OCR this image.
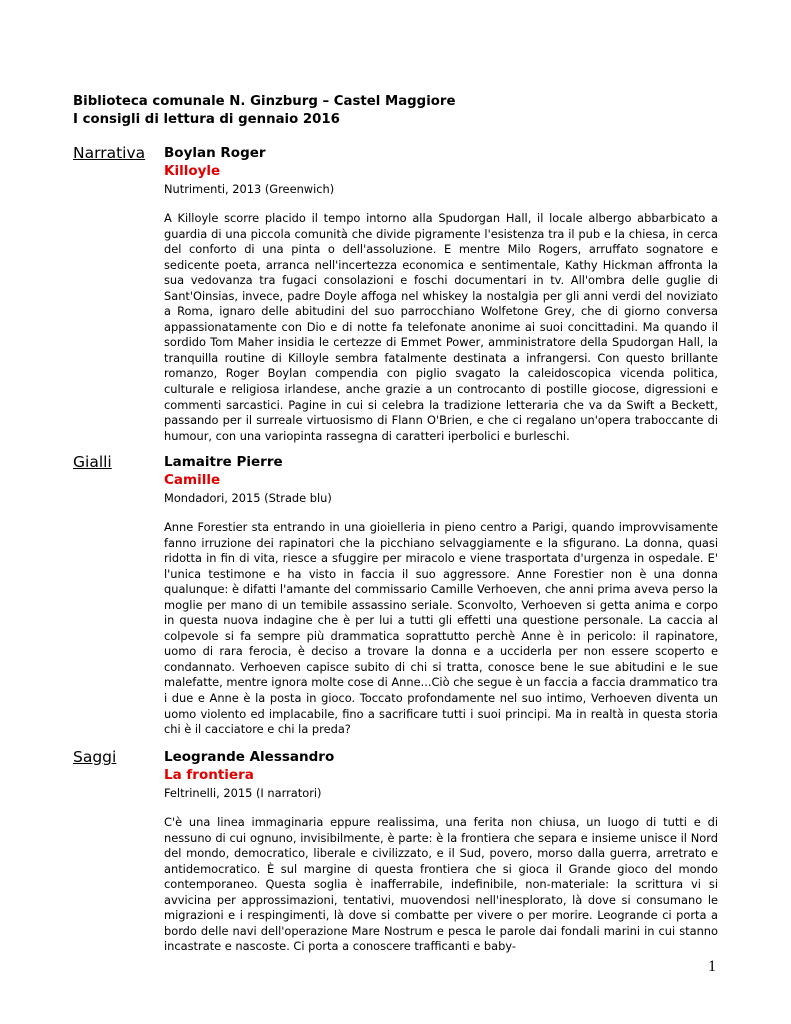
Biblioteca comunale N. Ginzburg – Castel Maggiore
I consigli di lettura di gennaio 2016
Narrativa Boylan Roger
Killoyle
Nutrimenti, 2013 (Greenwich)

A Killoyle scorre placido il tempo intorno alla Spudorgan Hall, il locale albergo abbarbicato a guardia di una piccola comunità che divide pigramente l'esistenza tra il pub e la chiesa, in cerca del conforto di una pinta o dell'assoluzione. E mentre Milo Rogers, arruffato sognatore e sedicente poeta, arranca nell'incertezza economica e sentimentale, Kathy Hickman affronta la sua vedovanza tra fugaci consolazioni e foschi documentari in tv. All'ombra delle guglie di Sant'Oinsias, invece, padre Doyle affoga nel whiskey la nostalgia per gli anni verdi del noviziato a Roma, ignaro delle abitudini del suo parrocchiano Wolfetone Grey, che di giorno conversa appassionatamente con Dio e di notte fa telefonate anonime ai suoi concittadini. Ma quando il sordido Tom Maher insidia le certezze di Emmet Power, amministratore della Spudorgan Hall, la tranquilla routine di Killoyle sembra fatalmente destinata a infrangersi. Con questo brillante romanzo, Roger Boylan compendia con piglio svagato la caleidoscopica vicenda politica, culturale e religiosa irlandese, anche grazie a un controcanto di postille giocose, digressioni e commenti sarcastici. Pagine in cui si celebra la tradizione letteraria che va da Swift a Beckett, passando per il surreale virtuosismo di Flann O'Brien, e che ci regalano un'opera traboccante di humour, con una variopinta rassegna di caratteri iperbolici e burleschi.

Gialli	Lamaitre Pierre
Camille
Mondadori, 2015 (Strade blu)

Anne Forestier sta entrando in una gioielleria in pieno centro a Parigi, quando improvvisamente fanno irruzione dei rapinatori che la picchiano selvaggiamente e la sfigurano. La donna, quasi ridotta in fin di vita, riesce a sfuggire per miracolo e viene trasportata d'urgenza in ospedale. E' l'unica testimone e ha visto in faccia il suo aggressore. Anne Forestier non è una donna qualunque: è difatti l'amante del commissario Camille Verhoeven, che anni prima aveva perso la moglie per mano di un temibile assassino seriale. Sconvolto, Verhoeven si getta anima e corpo in questa nuova indagine che è per lui a tutti gli effetti una questione personale. La caccia al colpevole si fa sempre più drammatica soprattutto perchè Anne è in pericolo: il rapinatore, uomo di rara ferocia, è deciso a trovare la donna e a ucciderla per non essere scoperto e condannato. Verhoeven capisce subito di chi si tratta, conosce bene le sue abitudini e le sue malefatte, mentre ignora molte cose di Anne...Ciò che segue è un faccia a faccia drammatico tra i due e Anne è la posta in gioco. Toccato profondamente nel suo intimo, Verhoeven diventa un uomo violento ed implacabile, fino a sacrificare tutti i suoi principi. Ma in realtà in questa storia chi è il cacciatore e chi la preda?

Saggi	Leogrande Alessandro
La frontiera
Feltrinelli, 2015 (I narratori)

C'è una linea immaginaria eppure realissima, una ferita non chiusa, un luogo di tutti e di nessuno di cui ognuno, invisibilmente, è parte: è la frontiera che separa e insieme unisce il Nord del mondo, democratico, liberale e civilizzato, e il Sud, povero, morso dalla guerra, arretrato e antidemocratico. È sul margine di questa frontiera che si gioca il Grande gioco del mondo contemporaneo. Questa soglia è inafferrabile, indefinibile, non-materiale: la scrittura vi si avvicina per approssimazioni, tentativi, muovendosi nell'inesplorato, là dove si consumano le migrazioni e i respingimenti, là dove si combatte per vivere o per morire. Leogrande ci porta a bordo delle navi dell'operazione Mare Nostrum e pesca le parole dai fondali marini in cui stanno incastrate e nascoste. Ci porta a conoscere trafficanti e baby-

1
